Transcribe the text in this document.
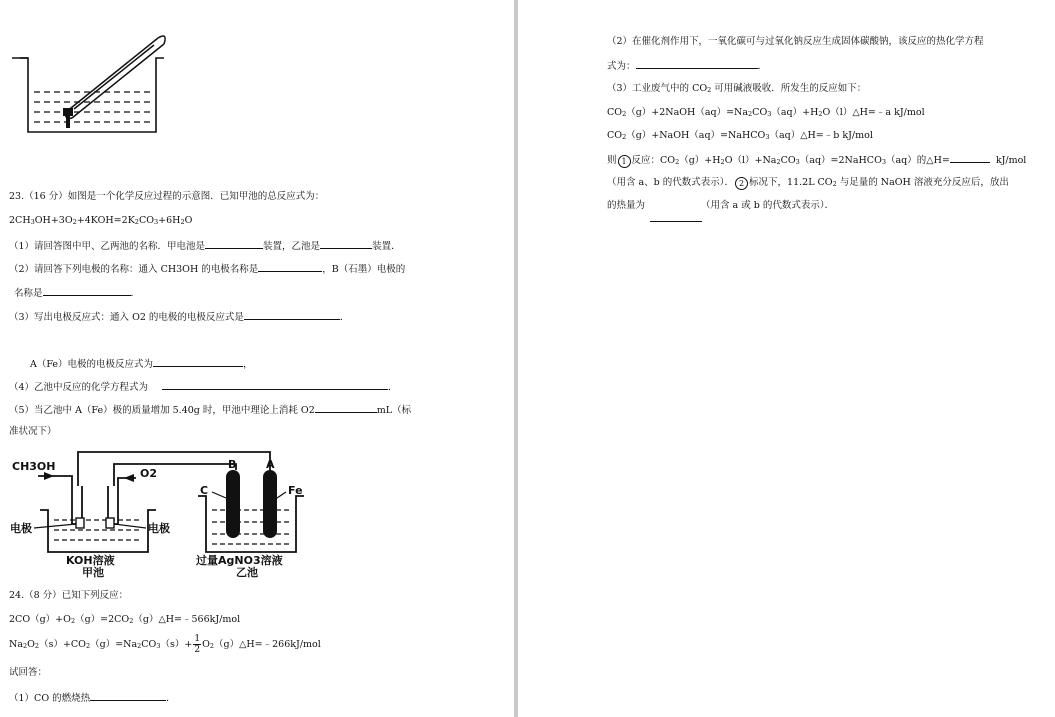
23.（16 分）如图是一个化学反应过程的示意图．已知甲池的总反应式为：
$2CH_3OH+3O_2+4KOH=2K_2CO_3+6H_2O$
（1）请回答图中甲、乙两池的名称．甲电池是	装置，乙池是	装置．
（2）请回答下列电极的名称：通入 CH3OH 的电极名称是	，B（石墨）电极的
名称是	．
（3）写出电极反应式：通入 O2 的电极的电极反应式是	．
A（Fe）电极的电极反应式为	，
（4）乙池中反应的化学方程式为	．
（5）当乙池中 A（Fe）极的质量增加 5.40g 时，甲池中理论上消耗 O2	mL（标
准状况下）
CH3OH
O2
B	A
C	Fe
电极	电极
KOH溶液
甲池
过量AgNO3溶液
乙池
24.（8 分）已知下列反应：
$2CO(g)+O_2(g)=2CO_2(g)\triangle H=﹣566kJ$/mol
$Na_2O_2(s)+CO_2(g)=Na_2CO_3(s)+ \frac{1}{2}$ $O_2(g)\triangle H=﹣266kJ$/mol
试回答：
（1）CO 的燃烧热	．
（2）在催化剂作用下，一氧化碳可与过氧化钠反应生成固体碳酸钠，该反应的热化学方程
式为：	．
（3）工业废气中的 $CO_2$ 可用碱液吸收．所发生的反应如下：
$CO_2(g)+2NaOH(aq)=Na_2CO_3(aq)+H_2O(l)\triangle H=﹣a$ kJ/mol
$CO_2(g)+NaOH(aq)=NaHCO_3(aq)\triangle H=﹣b$ kJ/mol
则 1 反应：$CO_2(g)+H_2O(l)+Na_2CO_3(aq)=2NaHCO_3(aq)$的△H=	kJ/mol
（用含 a、b 的代数式表示）． 2 标况下，11.2L $CO_2$ 与足量的 NaOH 溶液充分反应后，放出
的热量为	（用含 a 或 b 的代数式表示）．
